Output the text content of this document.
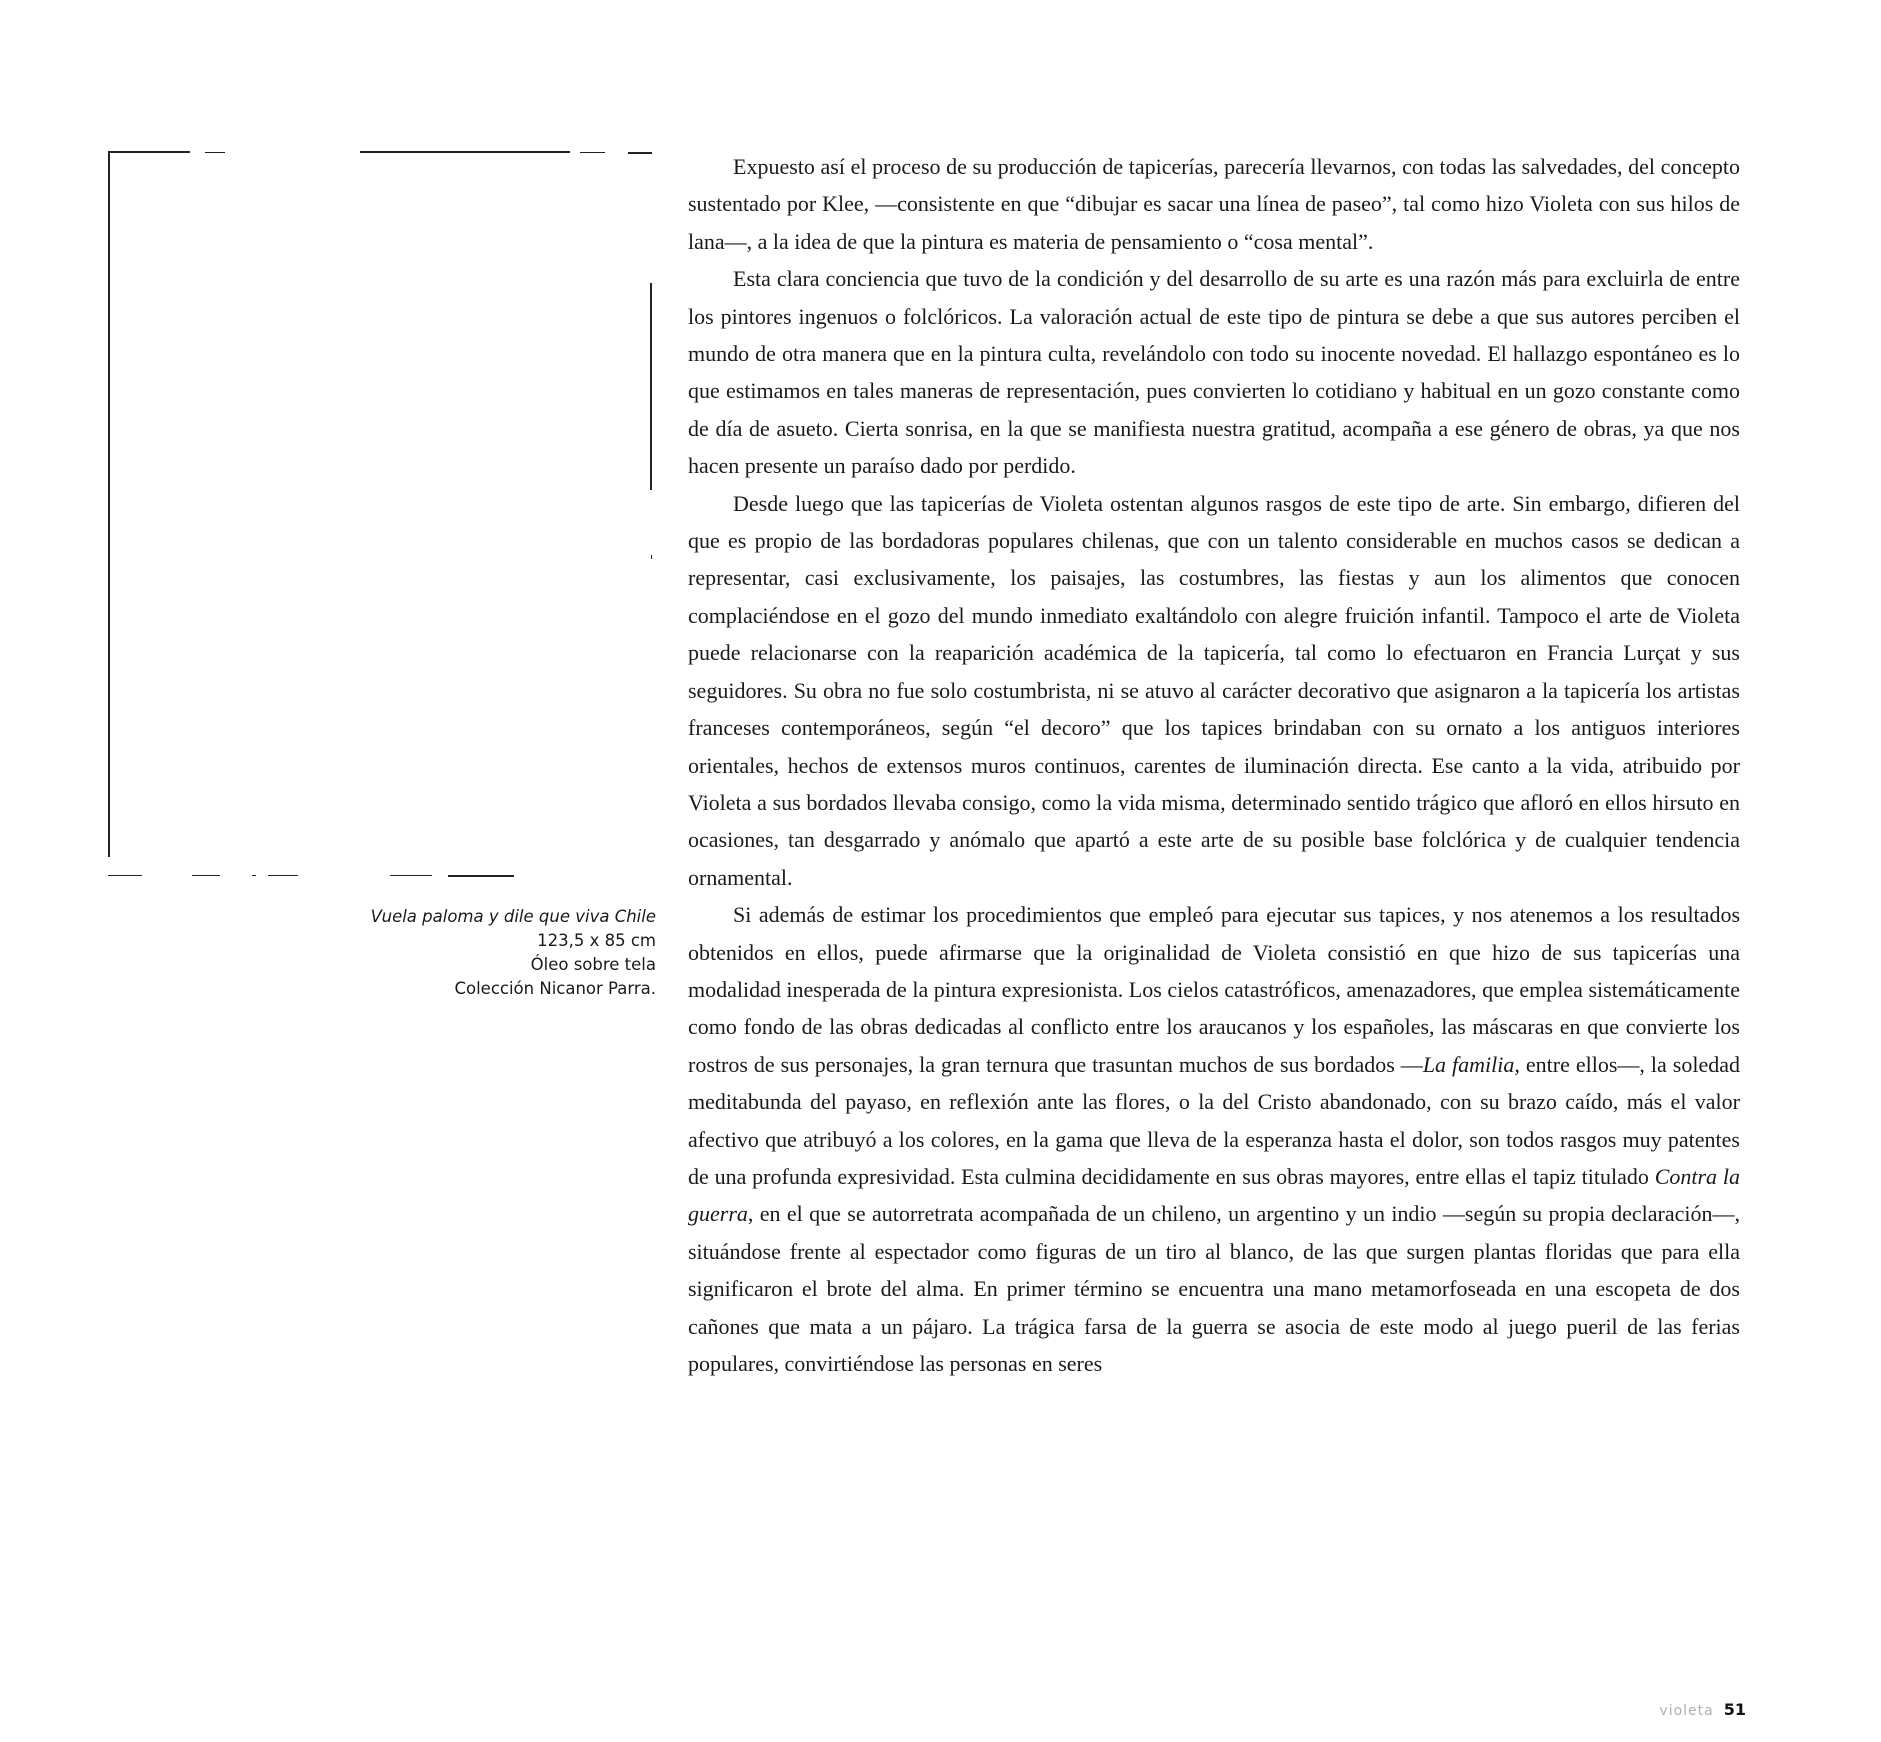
Vuela paloma y dile que viva Chile
123,5 x 85 cm
Óleo sobre tela
Colección Nicanor Parra.

Expuesto así el proceso de su producción de tapicerías, parecería llevarnos, con todas las salvedades, del concepto sustentado por Klee, —consistente en que “dibujar es sacar una línea de paseo”, tal como hizo Violeta con sus hilos de lana—, a la idea de que la pintura es materia de pensamiento o “cosa mental”.

Esta clara conciencia que tuvo de la condición y del desarrollo de su arte es una razón más para excluirla de entre los pintores ingenuos o folclóricos. La valoración actual de este tipo de pintura se debe a que sus autores perciben el mundo de otra manera que en la pintura culta, revelándolo con todo su inocente novedad. El hallazgo espontáneo es lo que estimamos en tales maneras de representación, pues convierten lo cotidiano y habitual en un gozo constante como de día de asueto. Cierta sonrisa, en la que se manifiesta nuestra gratitud, acompaña a ese género de obras, ya que nos hacen presente un paraíso dado por perdido.

Desde luego que las tapicerías de Violeta ostentan algunos rasgos de este tipo de arte. Sin embargo, difieren del que es propio de las bordadoras populares chilenas, que con un talento considerable en muchos casos se dedican a representar, casi exclusivamente, los paisajes, las costumbres, las fiestas y aun los alimentos que conocen complaciéndose en el gozo del mundo inmediato exaltándolo con alegre fruición infantil. Tampoco el arte de Violeta puede relacionarse con la reaparición académica de la tapicería, tal como lo efectuaron en Francia Lurçat y sus seguidores. Su obra no fue solo costumbrista, ni se atuvo al carácter decorativo que asignaron a la tapicería los artistas franceses contemporáneos, según “el decoro” que los tapices brindaban con su ornato a los antiguos interiores orientales, hechos de extensos muros continuos, carentes de iluminación directa. Ese canto a la vida, atribuido por Violeta a sus bordados llevaba consigo, como la vida misma, determinado sentido trágico que afloró en ellos hirsuto en ocasiones, tan desgarrado y anómalo que apartó a este arte de su posible base folclórica y de cualquier tendencia ornamental.

Si además de estimar los procedimientos que empleó para ejecutar sus tapices, y nos atenemos a los resultados obtenidos en ellos, puede afirmarse que la originalidad de Violeta consistió en que hizo de sus tapicerías una modalidad inesperada de la pintura expresionista. Los cielos catastróficos, amenazadores, que emplea sistemáticamente como fondo de las obras dedicadas al conflicto entre los araucanos y los españoles, las máscaras en que convierte los rostros de sus personajes, la gran ternura que trasuntan muchos de sus bordados —La familia, entre ellos—, la soledad meditabunda del payaso, en reflexión ante las flores, o la del Cristo abandonado, con su brazo caído, más el valor afectivo que atribuyó a los colores, en la gama que lleva de la esperanza hasta el dolor, son todos rasgos muy patentes de una profunda expresividad. Esta culmina decididamente en sus obras mayores, entre ellas el tapiz titulado Contra la guerra, en el que se autorretrata acompañada de un chileno, un argentino y un indio —según su propia declaración—, situándose frente al espectador como figuras de un tiro al blanco, de las que surgen plantas floridas que para ella significaron el brote del alma. En primer término se encuentra una mano metamorfoseada en una escopeta de dos cañones que mata a un pájaro. La trágica farsa de la guerra se asocia de este modo al juego pueril de las ferias populares, convirtiéndose las personas en seres

violeta 51
